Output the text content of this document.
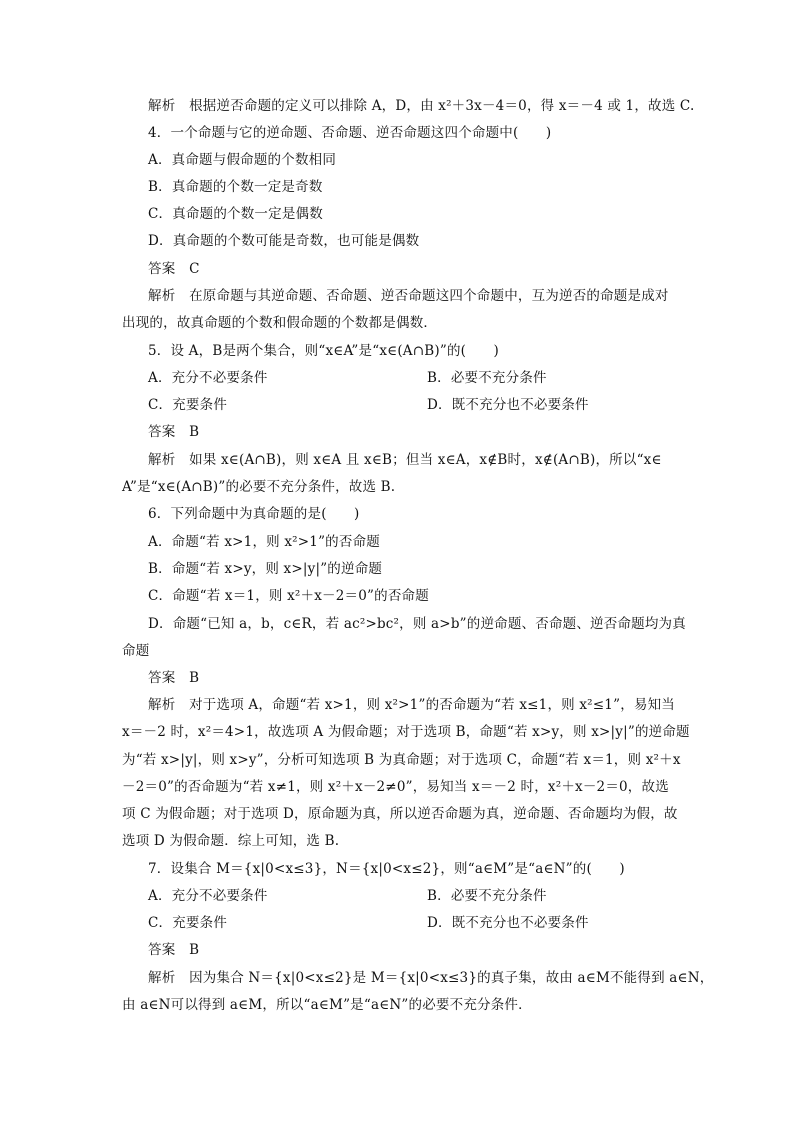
解析　根据逆否命题的定义可以排除 A，D，由 x²＋3x－4＝0，得 x＝－4 或 1，故选 C.
4．一个命题与它的逆命题、否命题、逆否命题这四个命题中(　　)
A．真命题与假命题的个数相同
B．真命题的个数一定是奇数
C．真命题的个数一定是偶数
D．真命题的个数可能是奇数，也可能是偶数
答案　C
解析　在原命题与其逆命题、否命题、逆否命题这四个命题中，互为逆否的命题是成对
出现的，故真命题的个数和假命题的个数都是偶数．
5．设 A，B是两个集合，则“x∈A”是“x∈(A∩B)”的(　　)
A．充分不必要条件	B．必要不充分条件
C．充要条件	D．既不充分也不必要条件
答案　B
解析　如果 x∈(A∩B)，则 x∈A 且 x∈B；但当 x∈A，x∉B时，x∉(A∩B)，所以“x∈
A”是“x∈(A∩B)”的必要不充分条件，故选 B.
6．下列命题中为真命题的是(　　)
A．命题“若 x>1，则 x²>1”的否命题
B．命题“若 x>y，则 x>|y|”的逆命题
C．命题“若 x＝1，则 x²＋x－2＝0”的否命题
D．命题“已知 a，b，c∈R，若 ac²>bc²，则 a>b”的逆命题、否命题、逆否命题均为真
命题
答案　B
解析　对于选项 A，命题“若 x>1，则 x²>1”的否命题为“若 x≤1，则 x²≤1”，易知当
x＝－2 时，x²＝4>1，故选项 A 为假命题；对于选项 B，命题“若 x>y，则 x>|y|”的逆命题
为“若 x>|y|，则 x>y”，分析可知选项 B 为真命题；对于选项 C，命题“若 x＝1，则 x²＋x
－2＝0”的否命题为“若 x≠1，则 x²＋x－2≠0”，易知当 x＝－2 时，x²＋x－2＝0，故选
项 C 为假命题；对于选项 D，原命题为真，所以逆否命题为真，逆命题、否命题均为假，故
选项 D 为假命题．综上可知，选 B.
7．设集合 M＝{x|0<x≤3}，N＝{x|0<x≤2}，则“a∈M”是“a∈N”的(　　)
A．充分不必要条件	B．必要不充分条件
C．充要条件	D．既不充分也不必要条件
答案　B
解析　因为集合 N＝{x|0<x≤2}是 M＝{x|0<x≤3}的真子集，故由 a∈M不能得到 a∈N，
由 a∈N可以得到 a∈M，所以“a∈M”是“a∈N”的必要不充分条件．
